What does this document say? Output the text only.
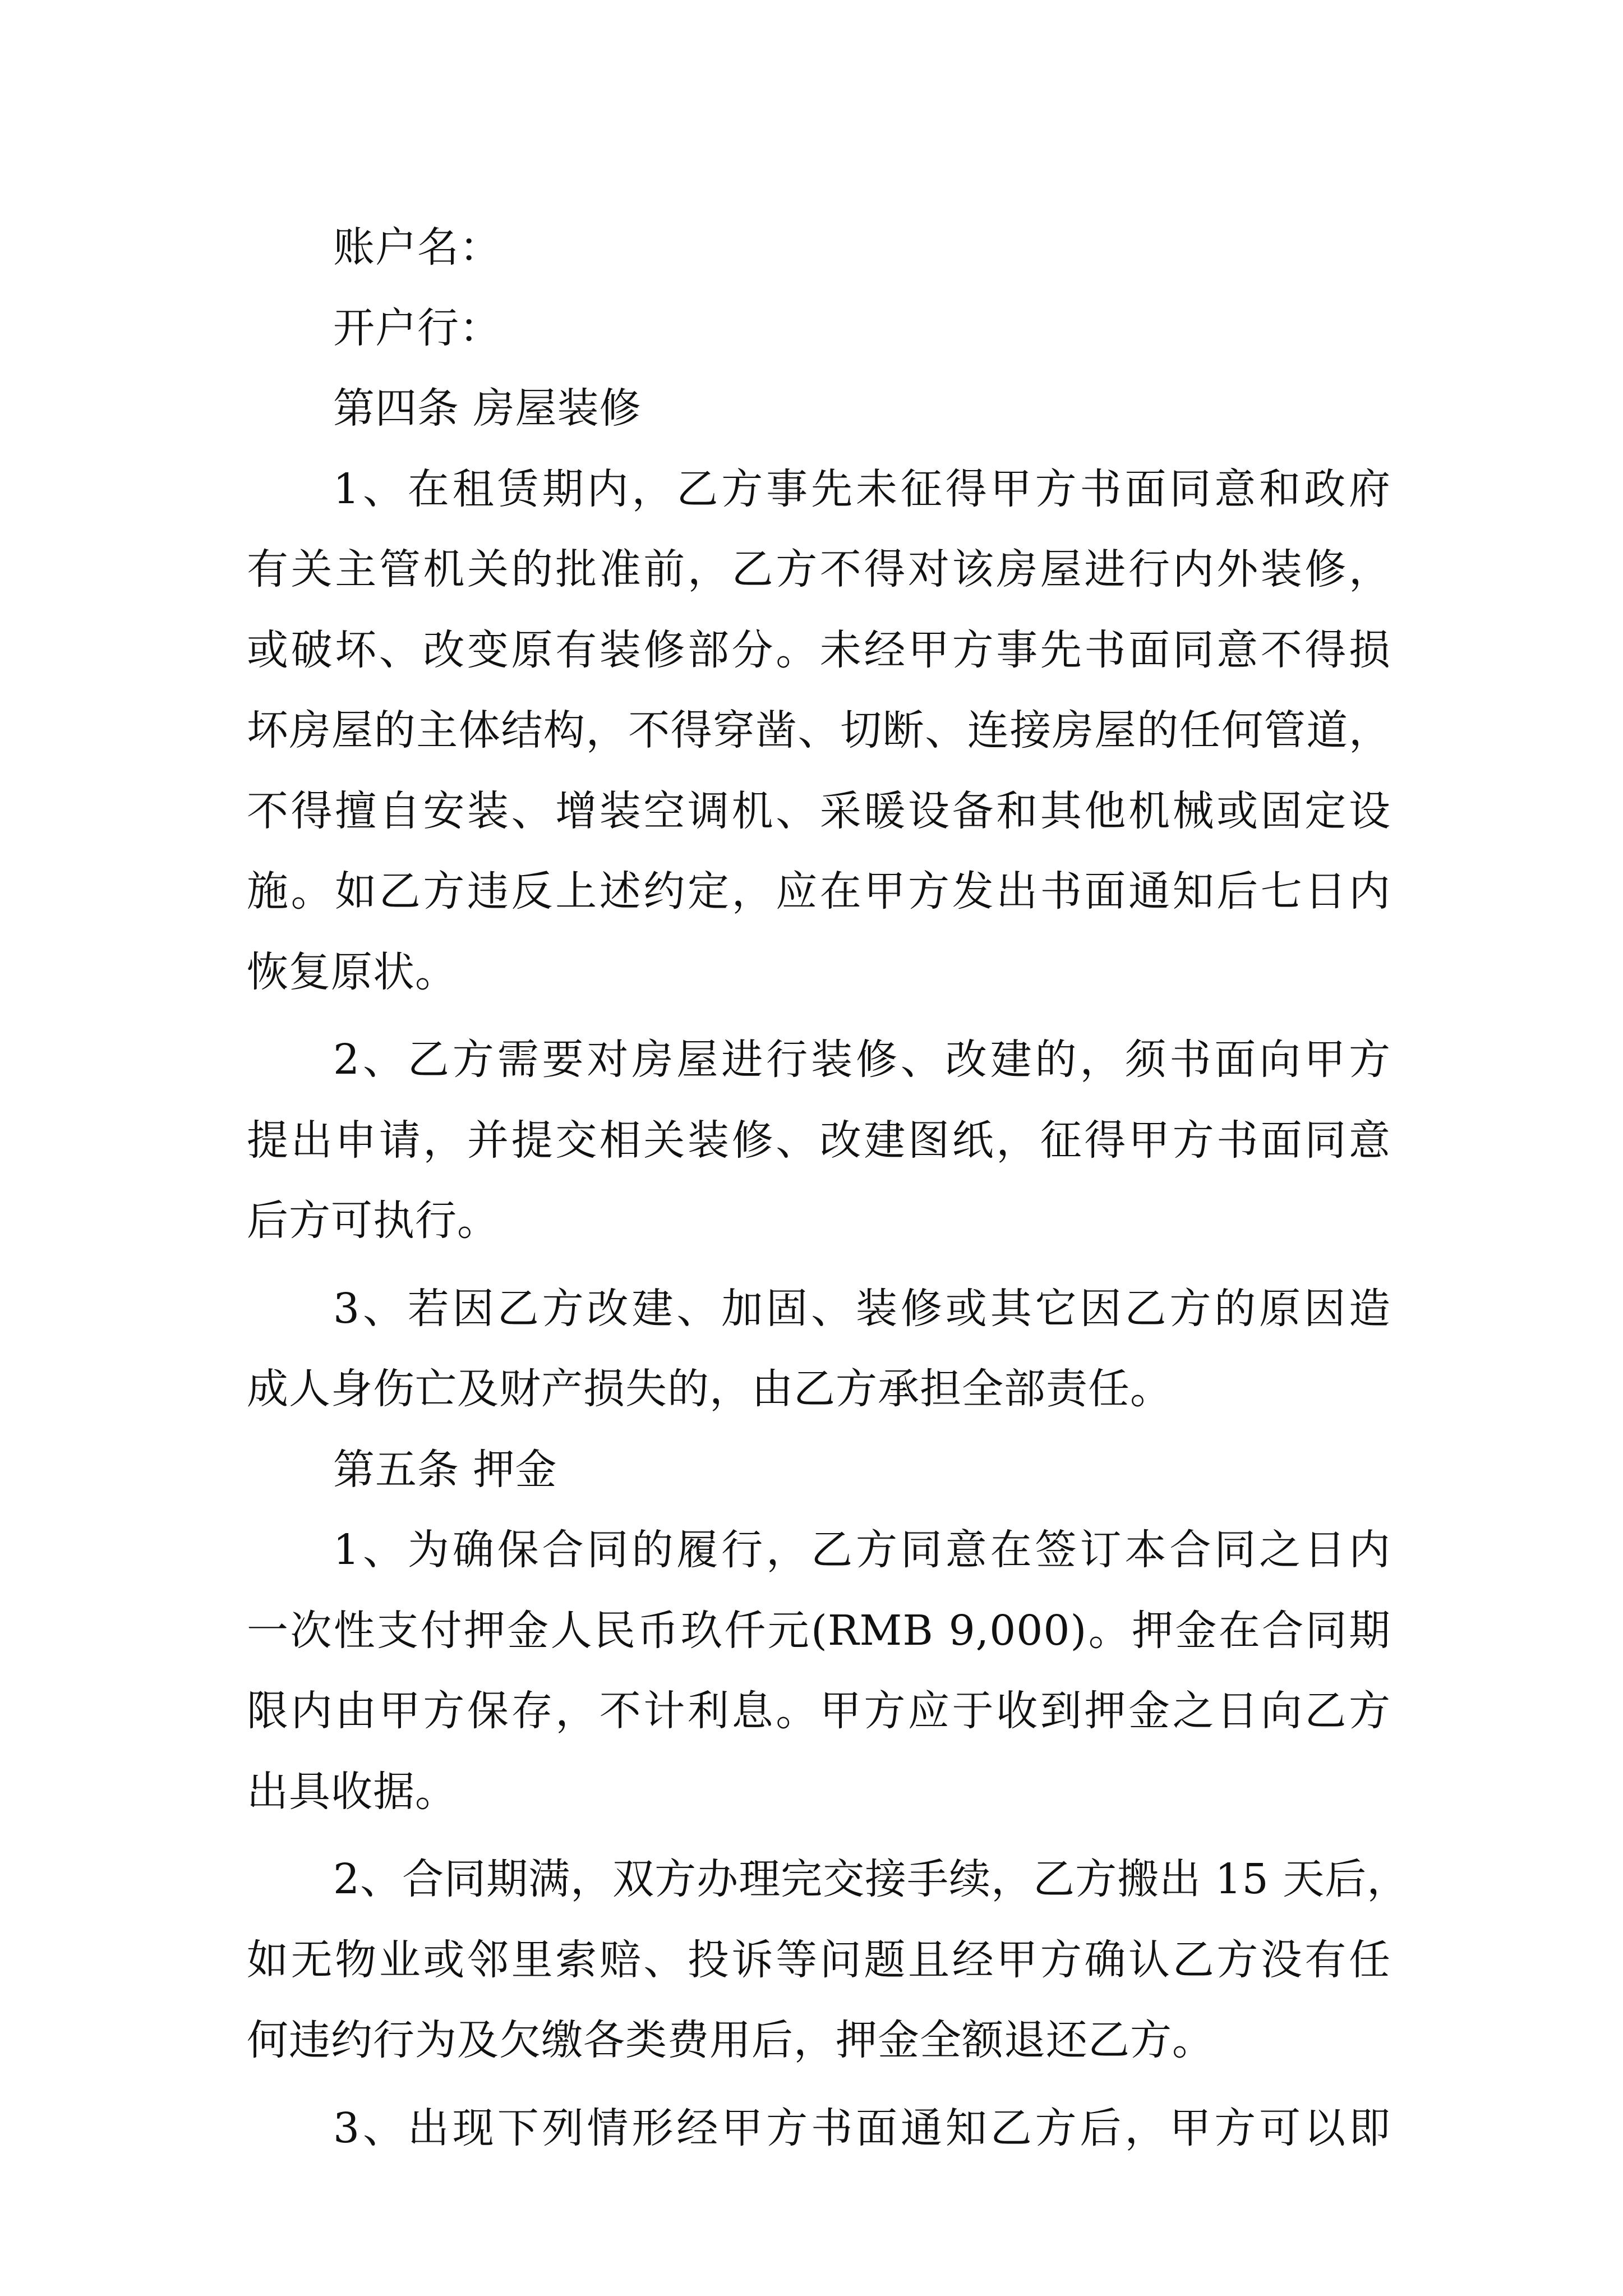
账户名：
开户行：
第四条 房屋装修
1、在租赁期内，乙方事先未征得甲方书面同意和政府
有关主管机关的批准前，乙方不得对该房屋进行内外装修，
或破坏、改变原有装修部分。未经甲方事先书面同意不得损
坏房屋的主体结构，不得穿凿、切断、连接房屋的任何管道，
不得擅自安装、增装空调机、采暖设备和其他机械或固定设
施。如乙方违反上述约定，应在甲方发出书面通知后七日内
恢复原状。
2、乙方需要对房屋进行装修、改建的，须书面向甲方
提出申请，并提交相关装修、改建图纸，征得甲方书面同意
后方可执行。
3、若因乙方改建、加固、装修或其它因乙方的原因造
成人身伤亡及财产损失的，由乙方承担全部责任。
第五条 押金
1、为确保合同的履行，乙方同意在签订本合同之日内
一次性支付押金人民币玖仟元(RMB 9,000)。押金在合同期
限内由甲方保存，不计利息。甲方应于收到押金之日向乙方
出具收据。
2、合同期满，双方办理完交接手续，乙方搬出 15 天后，
如无物业或邻里索赔、投诉等问题且经甲方确认乙方没有任
何违约行为及欠缴各类费用后，押金全额退还乙方。
3、出现下列情形经甲方书面通知乙方后，甲方可以即
